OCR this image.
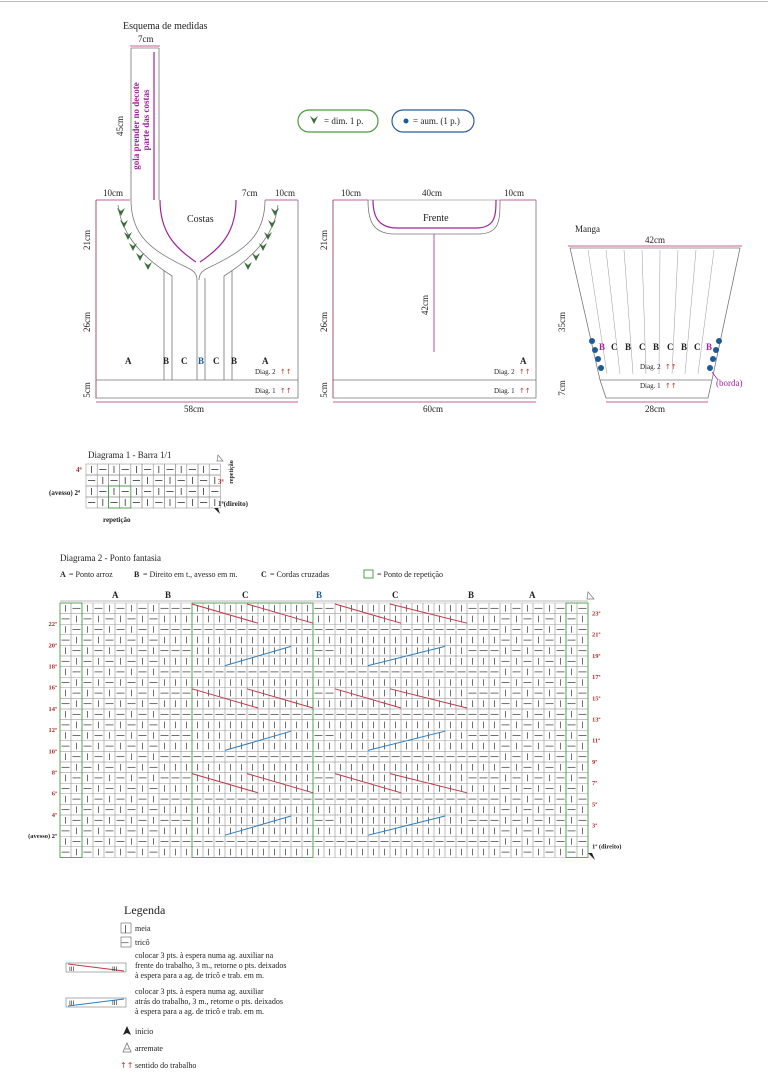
Esquema de medidas
7cm
45cm gola prender no decote parte das costas	= dim. 1 p.	= aum. (1 p.)
10cm	7cm 10cm
Costas
21cm
26cm
5cm
A	B C B C B	A
Diag. 2 ↑↑
Diag. 1 ↑↑
58cm
10cm	40cm	10cm
Frente
42cm
21cm
26cm
5cm
A
Diag. 2 ↑↑
Diag. 1 ↑↑
60cm
Manga
42cm
35cm
7cm
B C B C B C B C B
Diag. 2 ↑↑
Diag. 1 ↑↑	(borda)
28cm
Diagrama 1 - Barra 1/1
4ª
3ª
(avesso) 2ª
1ª(direito)
repetição
repetição
Diagrama 2 - Ponto fantasia
A = Ponto arroz	B = Direito em t., avesso em m.	C = Cordas cruzadas	= Ponto de repetição
A	B	C	B	C	B	A
23ª
21ª
19ª
17ª
15ª
13ª
11ª
9ª
7ª
5ª
3ª
1ª (direito)
22ª
20ª
18ª
16ª
14ª
12ª
10ª
8ª
6ª
4ª
(avesso) 2ª
Legenda
| meia
— tricô
III	III
colocar 3 pts. à espera numa ag. auxiliar na
frente do trabalho, 3 m., retorne o pts. deixados
à espera para a ag. de tricô e trab. em m.
III	III
colocar 3 pts. à espera numa ag. auxiliar
atrás do trabalho, 3 m., retorne o pts. deixados
à espera para a ag. de tricô e trab. em m.
início
arremate
↑↑ sentido do trabalho
